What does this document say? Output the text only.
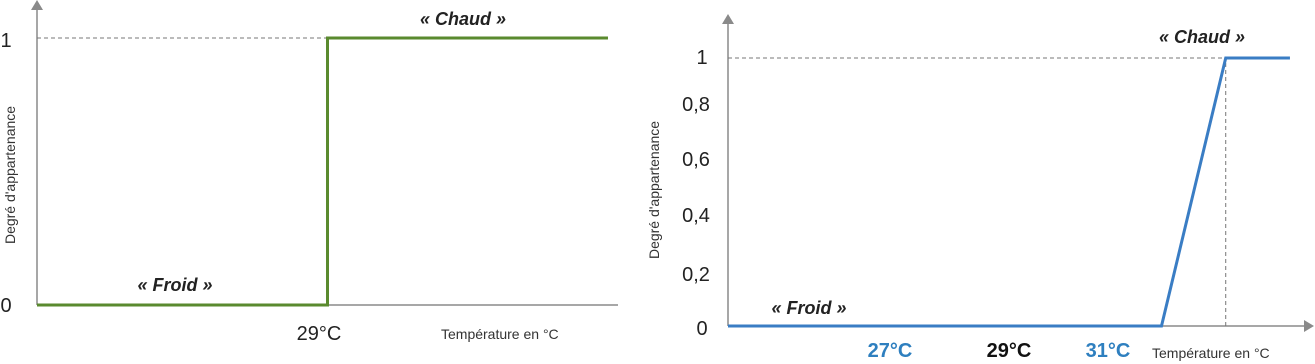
0
1
Degré d'appartenance
29°C	Température en °C
« Froid »
« Chaud »
0
0,2
0,4
0,6
0,8
1
Degré d'appartenance
27°C	29°C	31°C Température en °C
« Froid »
« Chaud »
